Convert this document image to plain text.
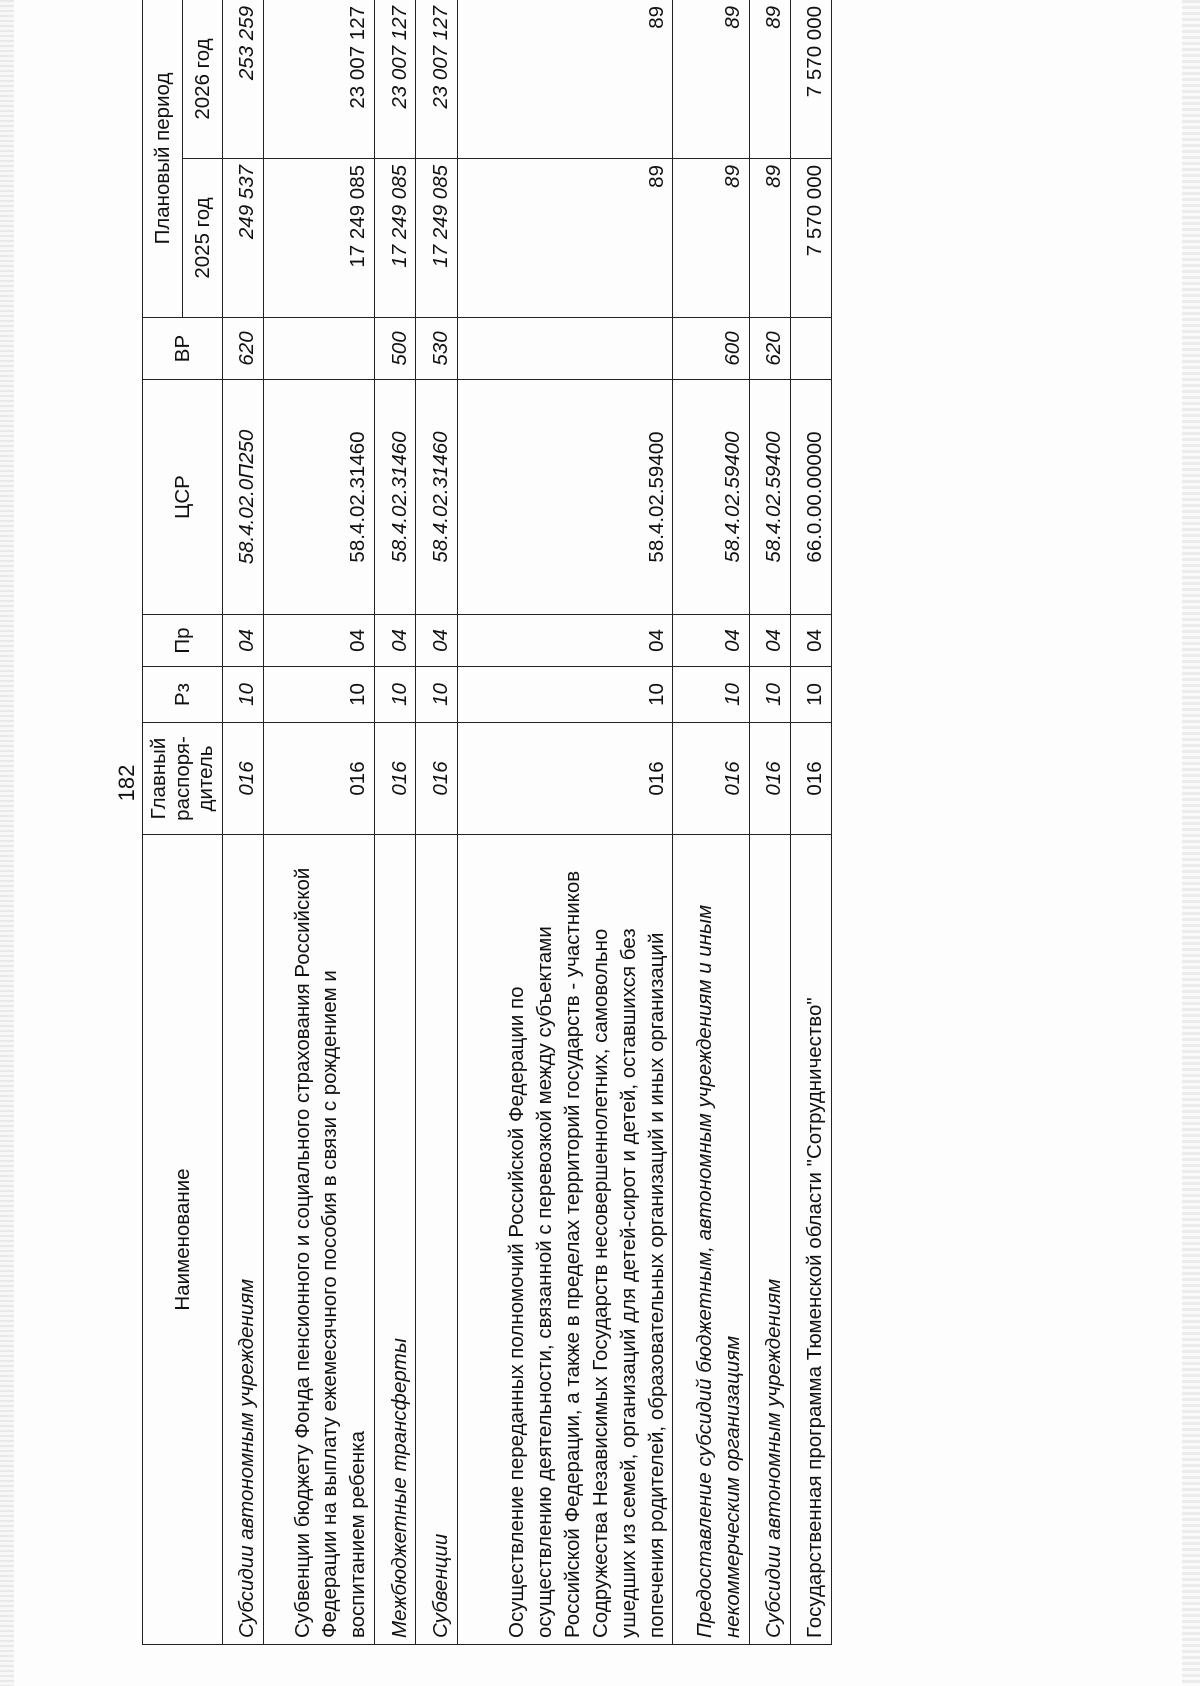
182
Наименование	Главный распоря-дитель	Рз	Пр	ЦСР	ВР	Плановый период	
						2025 год	2026 год
Субсидии автономным учреждениям	016	10	04	58.4.02.0П250	620	249 537	253 259
Субвенции бюджету Фонда пенсионного и социального страхования Российской Федерации на выплату ежемесячного пособия в связи с рождением и воспитанием ребенка	016	10	04	58.4.02.31460		17 249 085	23 007 127
Межбюджетные трансферты	016	10	04	58.4.02.31460	500	17 249 085	23 007 127
Субвенции	016	10	04	58.4.02.31460	530	17 249 085	23 007 127
Осуществление переданных полномочий Российской Федерации по осуществлению деятельности, связанной с перевозкой между субъектами Российской Федерации, а также в пределах территорий государств - участников Содружества Независимых Государств несовершеннолетних, самовольно ушедших из семей, организаций для детей-сирот и детей, оставшихся без попечения родителей, образовательных организаций и иных организаций	016	10	04	58.4.02.59400		89	89
Предоставление субсидий бюджетным, автономным учреждениям и иным некоммерческим организациям	016	10	04	58.4.02.59400	600	89	89
Субсидии автономным учреждениям	016	10	04	58.4.02.59400	620	89	89
Государственная программа Тюменской области "Сотрудничество"	016	10	04	66.0.00.00000		7 570 000	7 570 000
